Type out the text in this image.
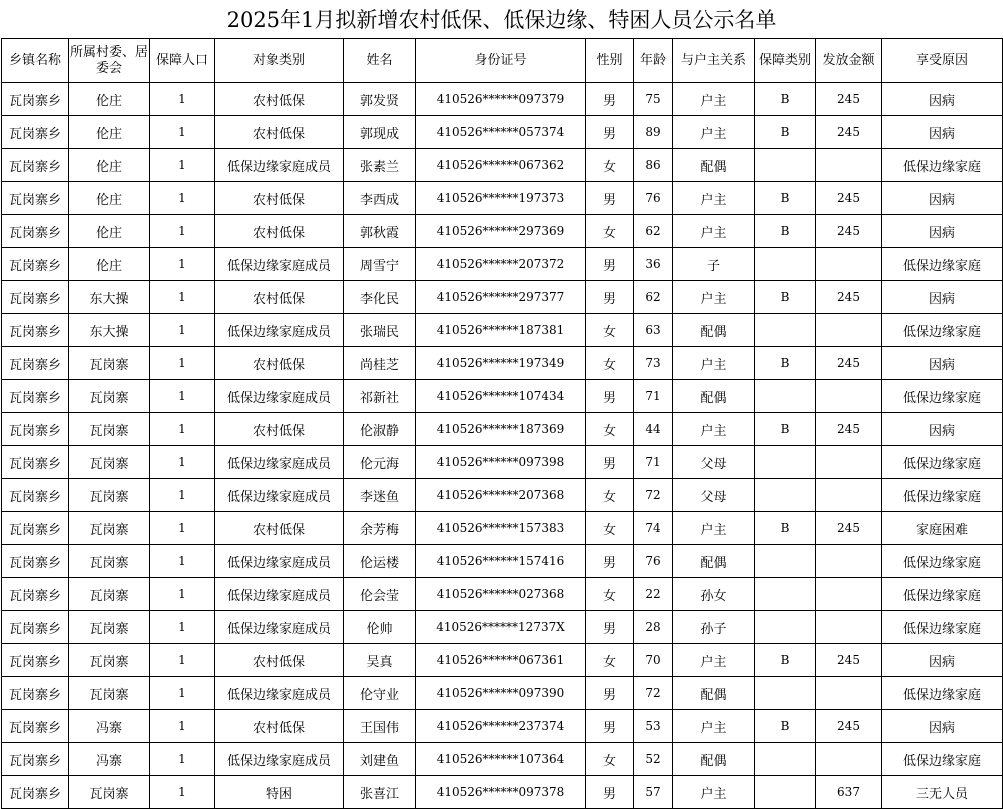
2025年1月拟新增农村低保、低保边缘、特困人员公示名单
乡镇名称	所属村委、居委会	保障人口	对象类别	姓名	身份证号	性别	年龄	与户主关系	保障类别	发放金额	享受原因
瓦岗寨乡	伦庄	1	农村低保	郭发贤	410526******097379	男	75	户主	B	245	因病
瓦岗寨乡	伦庄	1	农村低保	郭现成	410526******057374	男	89	户主	B	245	因病
瓦岗寨乡	伦庄	1	低保边缘家庭成员	张素兰	410526******067362	女	86	配偶			低保边缘家庭
瓦岗寨乡	伦庄	1	农村低保	李西成	410526******197373	男	76	户主	B	245	因病
瓦岗寨乡	伦庄	1	农村低保	郭秋霞	410526******297369	女	62	户主	B	245	因病
瓦岗寨乡	伦庄	1	低保边缘家庭成员	周雪宁	410526******207372	男	36	子			低保边缘家庭
瓦岗寨乡	东大操	1	农村低保	李化民	410526******297377	男	62	户主	B	245	因病
瓦岗寨乡	东大操	1	低保边缘家庭成员	张瑞民	410526******187381	女	63	配偶			低保边缘家庭
瓦岗寨乡	瓦岗寨	1	农村低保	尚桂芝	410526******197349	女	73	户主	B	245	因病
瓦岗寨乡	瓦岗寨	1	低保边缘家庭成员	祁新社	410526******107434	男	71	配偶			低保边缘家庭
瓦岗寨乡	瓦岗寨	1	农村低保	伦淑静	410526******187369	女	44	户主	B	245	因病
瓦岗寨乡	瓦岗寨	1	低保边缘家庭成员	伦元海	410526******097398	男	71	父母			低保边缘家庭
瓦岗寨乡	瓦岗寨	1	低保边缘家庭成员	李迷鱼	410526******207368	女	72	父母			低保边缘家庭
瓦岗寨乡	瓦岗寨	1	农村低保	余芳梅	410526******157383	女	74	户主	B	245	家庭困难
瓦岗寨乡	瓦岗寨	1	低保边缘家庭成员	伦运楼	410526******157416	男	76	配偶			低保边缘家庭
瓦岗寨乡	瓦岗寨	1	低保边缘家庭成员	伦会莹	410526******027368	女	22	孙女			低保边缘家庭
瓦岗寨乡	瓦岗寨	1	低保边缘家庭成员	伦帅	410526******12737X	男	28	孙子			低保边缘家庭
瓦岗寨乡	瓦岗寨	1	农村低保	吴真	410526******067361	女	70	户主	B	245	因病
瓦岗寨乡	瓦岗寨	1	低保边缘家庭成员	伦守业	410526******097390	男	72	配偶			低保边缘家庭
瓦岗寨乡	冯寨	1	农村低保	王国伟	410526******237374	男	53	户主	B	245	因病
瓦岗寨乡	冯寨	1	低保边缘家庭成员	刘建鱼	410526******107364	女	52	配偶			低保边缘家庭
瓦岗寨乡	瓦岗寨	1	特困	张喜江	410526******097378	男	57	户主		637	三无人员
